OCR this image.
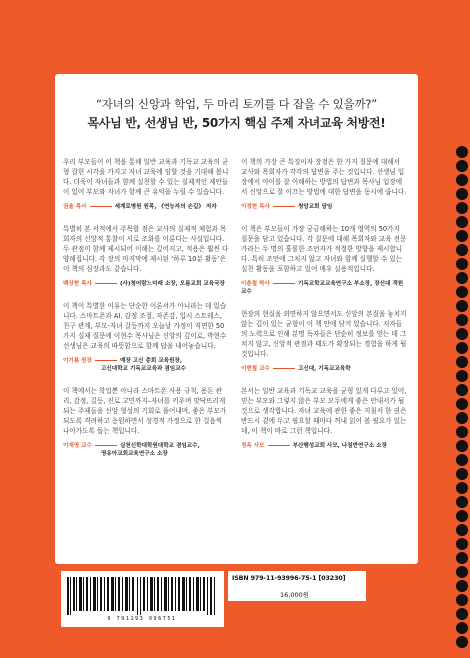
“자녀의 신앙과 학업, 두 마리 토끼를 다 잡을 수 있을까?”
목사님 반, 선생님 반, 50가지 핵심 주제 자녀교육 처방전!

우리 부모들이 이 책을 통해 일반 교육과 기독교 교육의 균형 잡힌 시각을 가지고 자녀 교육에 임할 것을 기대해 봅니다. 더욱이 자녀들과 함께 실천할 수 있는 실제적인 제안들이 있어 부모와 자녀가 함께 큰 유익을 누릴 수 있습니다.

권율 목사	세계로병원 원목, 《연능자의 손길》 저자

특별히 본 서적에서 주목할 점은 교사의 실제적 체험과 목회자의 신앙적 통찰이 서로 조화를 이룬다는 사실입니다. 두 관점이 함께 제시되어 이해는 깊어지고, 적용은 훨씬 다양해집니다. 각 장의 마지막에 제시된 ‘하루 10분 활동’은 이 책의 심장과도 같습니다.

백상현 목사	(사)청어람느미래 소장, 오름교회 교육국장

이 책이 특별한 이유는 단순한 이론서가 아니라는 데 있습니다. 스마트폰과 AI, 감정 조절, 자존감, 입시 스트레스, 친구 관계, 부모-자녀 갈등까지 오늘날 가정이 직면한 50가지 실제 질문에 이현수 목사님은 신앙의 깊이로, 박현수 선생님은 교육의 따뜻함으로 함께 답을 내어놓습니다.

이기룡 원장	예장 고신 총회 교육원장,
고신대학교 기독교교육과 겸임교수

이 책에서는 학업뿐 아니라 스마트폰 사용 규칙, 용돈 관리, 감정, 길등, 진로 고민까지–자녀를 키우며 맞닥뜨리게 되는 주제들을 신앙 형성의 기회로 풀어내며, 좋은 부모가 되도록 격려하고 응원하면서 성경적 가정으로 한 걸음씩 나아가도록 돕는 책입니다.

이재영 교수	실천신학대학원대학교 겸임교수,
영유아교회교육연구소 소장

이 책의 가장 큰 특징이자 장점은 한 가지 질문에 대해서 교사와 목회자가 각각의 답변을 주는 것입니다. 선생님 입장에서 아이를 잘 이해하는 방법의 답변과 목사님 입장에서 신앙으로 잘 이끄는 방법에 대한 답변을 동시에 줍니다.

이정현 목사	청암교회 담임

이 책은 부모들이 가장 궁금해하는 10개 영역의 50가지 질문을 담고 있습니다. 각 질문에 대해 목회자와 교육 전문가라는 두 명의 훌륭한 조언자가 적절한 방향을 제시합니다. 특히 조언에 그치지 않고 자녀와 함께 실행할 수 있는 실천 활동을 포함하고 있어 매우 실용적입니다.

이춘철 박사	기독교학교교육연구소 부소장, 장신대 객원교수

현장의 현실을 외면하지 않으면서도 신앙의 본질을 놓치지 않는 깊이 있는 균형이 이 책 안에 담겨 있습니다. 저자들의 노력으로 인해 분명 독자들은 단순히 정보를 얻는 데 그치지 않고, 신앙적 관점과 태도가 확장되는 경험을 하게 될 것입니다.

이현철 교수	고신대, 기독교교육학

본서는 일반 교육과 기독교 교육을 균형 있게 다루고 있어, 믿는 부모와 그렇지 않은 부모 모두에게 좋은 안내서가 될 것으로 생각합니다. 자녀 교육에 관한 좋은 지침서 한 권은 반드시 곁에 두고 필요할 때마다 꺼내 읽어 볼 필요가 있는데, 이 책이 바로 그런 책입니다.

정옥 사모	부산행성교회 사모, 나침반연구소 소장
9 791193 996751
ISBN 979-11-93996-75-1 [03230]
16,000원
